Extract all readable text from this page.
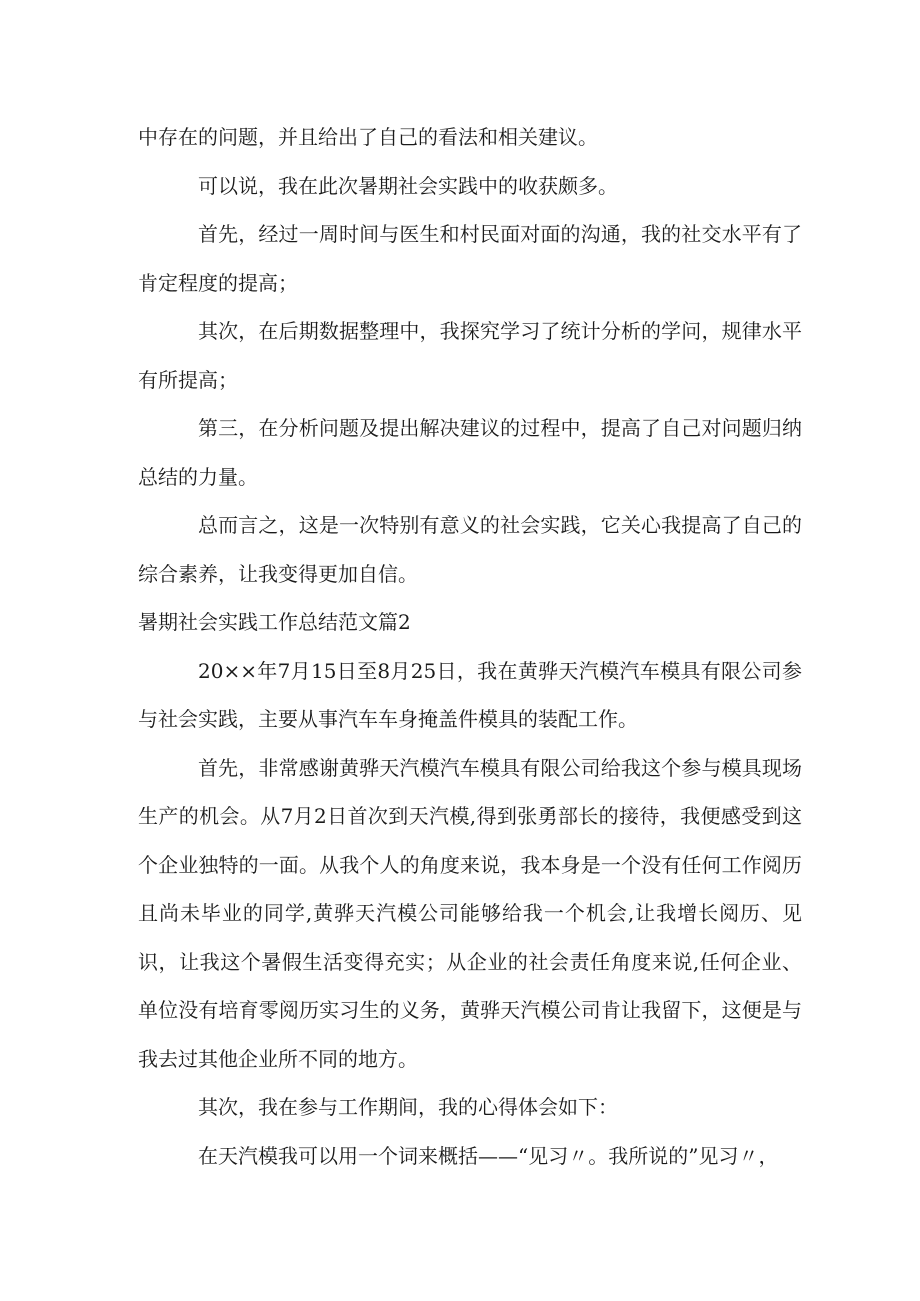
中存在的问题，并且给出了自己的看法和相关建议。

可以说，我在此次暑期社会实践中的收获颇多。

首先，经过一周时间与医生和村民面对面的沟通，我的社交水平有了肯定程度的提高；

其次，在后期数据整理中，我探究学习了统计分析的学问，规律水平有所提高；

第三，在分析问题及提出解决建议的过程中，提高了自己对问题归纳总结的力量。

总而言之，这是一次特别有意义的社会实践，它关心我提高了自己的综合素养，让我变得更加自信。

暑期社会实践工作总结范文篇2

20××年7月15日至8月25日，我在黄骅天汽模汽车模具有限公司参与社会实践，主要从事汽车车身掩盖件模具的装配工作。

首先，非常感谢黄骅天汽模汽车模具有限公司给我这个参与模具现场生产的机会。从7月2日首次到天汽模,得到张勇部长的接待，我便感受到这个企业独特的一面。从我个人的角度来说，我本身是一个没有任何工作阅历且尚未毕业的同学,黄骅天汽模公司能够给我一个机会,让我增长阅历、见识，让我这个暑假生活变得充实；从企业的社会责任角度来说,任何企业、单位没有培育零阅历实习生的义务，黄骅天汽模公司肯让我留下，这便是与我去过其他企业所不同的地方。

其次，我在参与工作期间，我的心得体会如下：

在天汽模我可以用一个词来概括——“见习〃。我所说的”见习〃，
